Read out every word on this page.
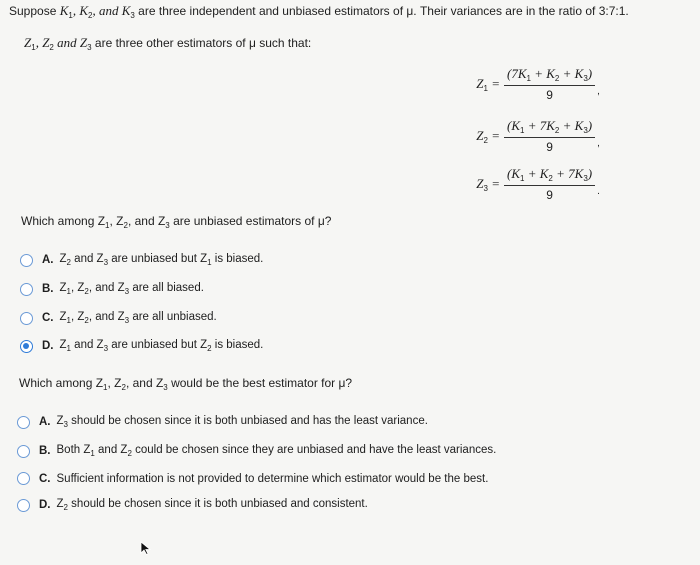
Suppose $K_1$, $K_2$, and $K_3$ are three independent and unbiased estimators of μ. Their variances are in the ratio of 3:7:1.
$Z_1$, $Z_2$ and $Z_3$ are three other estimators of μ such that:
$Z_1 = \frac{(7K_1 + K_2 + K_3)}{9}$ ,
$Z_2 = \frac{(K_1 + 7K_2 + K_3)}{9}$ ,
$Z_3 = \frac{(K_1 + K_2 + 7K_3)}{9}$ .
Which among $Z_1$, $Z_2$, and $Z_3$ are unbiased estimators of μ?
A. $Z_2$ and $Z_3$ are unbiased but $Z_1$ is biased.
B. $Z_1$, $Z_2$, and $Z_3$ are all biased.
C. $Z_1$, $Z_2$, and $Z_3$ are all unbiased.
D. $Z_1$ and $Z_3$ are unbiased but $Z_2$ is biased.
Which among $Z_1$, $Z_2$, and $Z_3$ would be the best estimator for μ?
A. $Z_3$ should be chosen since it is both unbiased and has the least variance.
B. Both $Z_1$ and $Z_2$ could be chosen since they are unbiased and have the least variances.
C. Sufficient information is not provided to determine which estimator would be the best.
D. $Z_2$ should be chosen since it is both unbiased and consistent.
